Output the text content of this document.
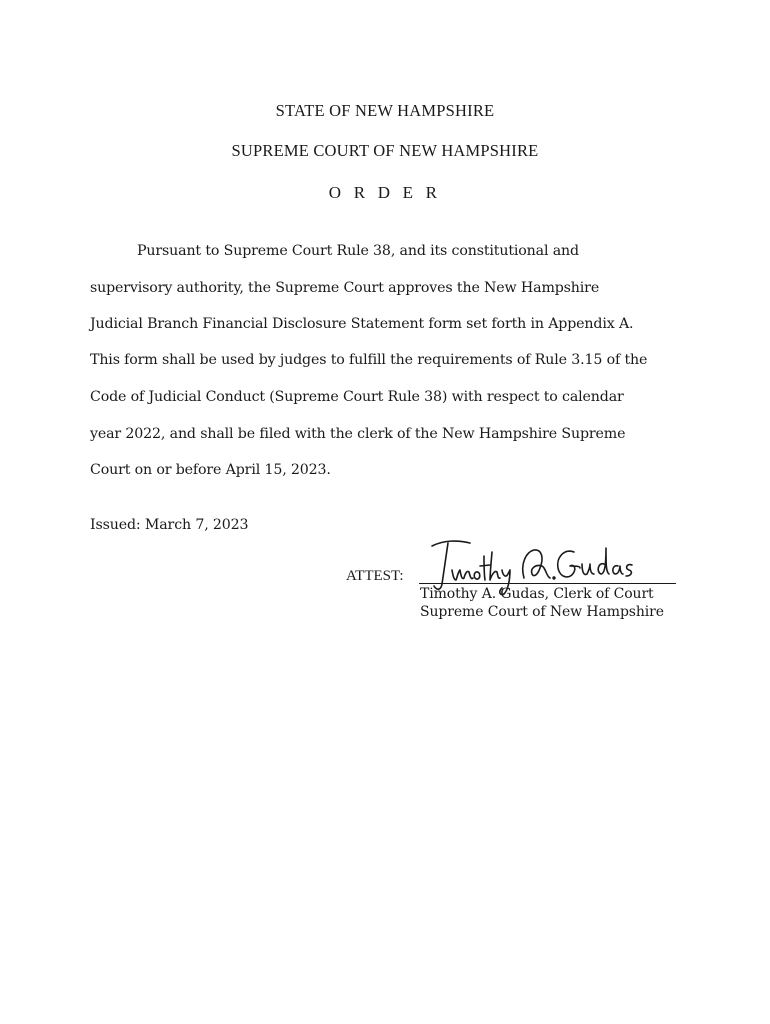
STATE OF NEW HAMPSHIRE
SUPREME COURT OF NEW HAMPSHIRE
O R D E R
Pursuant to Supreme Court Rule 38, and its constitutional and
supervisory authority, the Supreme Court approves the New Hampshire
Judicial Branch Financial Disclosure Statement form set forth in Appendix A.
This form shall be used by judges to fulfill the requirements of Rule 3.15 of the
Code of Judicial Conduct (Supreme Court Rule 38) with respect to calendar
year 2022, and shall be filed with the clerk of the New Hampshire Supreme
Court on or before April 15, 2023.
Issued: March 7, 2023
ATTEST:
Timothy A. Gudas, Clerk of Court
Supreme Court of New Hampshire
